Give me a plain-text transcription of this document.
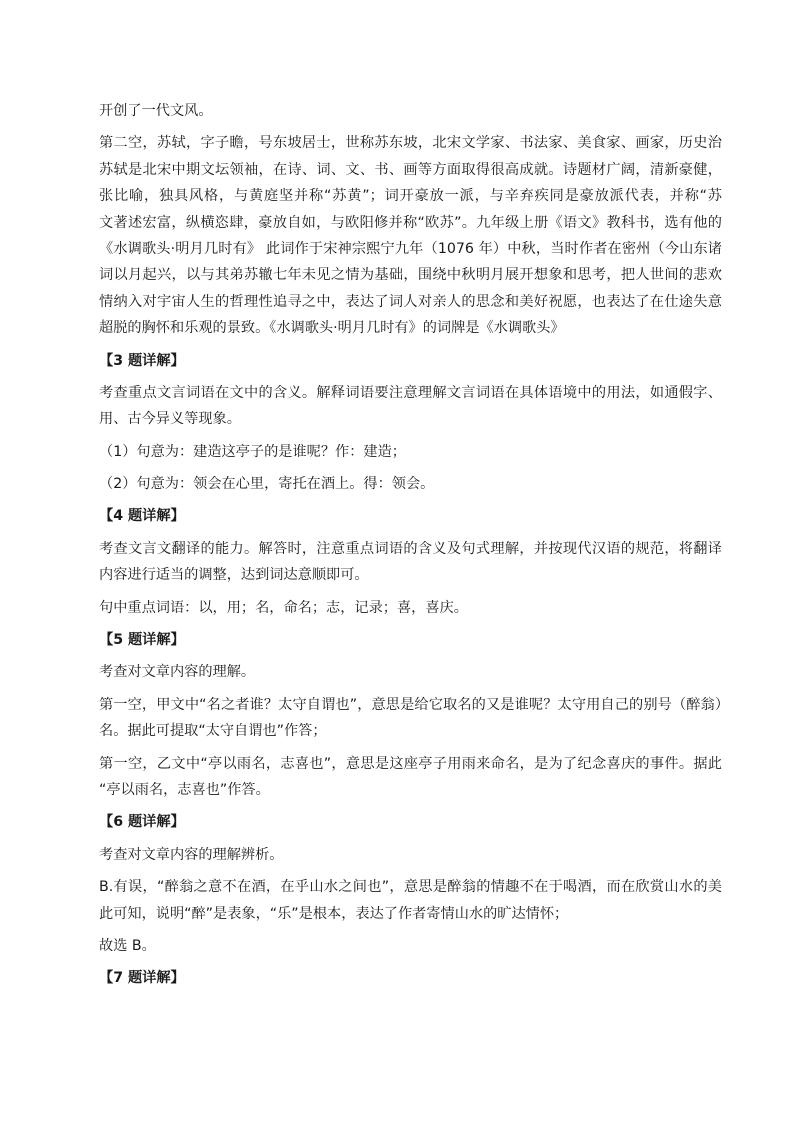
开创了一代文风。

第二空，苏轼，字子瞻，号东坡居士，世称苏东坡，北宋文学家、书法家、美食家、画家，历史治

苏轼是北宋中期文坛领袖，在诗、词、文、书、画等方面取得很高成就。诗题材广阔，清新豪健，

张比喻，独具风格，与黄庭坚并称“苏黄”；词开豪放一派，与辛弃疾同是豪放派代表，并称“苏

文著述宏富，纵横恣肆，豪放自如，与欧阳修并称“欧苏”。九年级上册《语文》教科书，选有他的

《水调歌头·明月几时有》 此词作于宋神宗熙宁九年（1076 年）中秋，当时作者在密州（今山东诸

词以月起兴，以与其弟苏辙七年未见之情为基础，围绕中秋明月展开想象和思考，把人世间的悲欢

情纳入对宇宙人生的哲理性追寻之中，表达了词人对亲人的思念和美好祝愿，也表达了在仕途失意

超脱的胸怀和乐观的景致。《水调歌头·明月几时有》的词牌是《水调歌头》

【3 题详解】

考查重点文言词语在文中的含义。解释词语要注意理解文言词语在具体语境中的用法，如通假字、

用、古今异义等现象。

（1）句意为：建造这亭子的是谁呢？作：建造；

（2）句意为：领会在心里，寄托在酒上。得：领会。

【4 题详解】

考查文言文翻译的能力。解答时，注意重点词语的含义及句式理解，并按现代汉语的规范，将翻译

内容进行适当的调整，达到词达意顺即可。

句中重点词语：以，用；名，命名；志，记录；喜，喜庆。

【5 题详解】

考查对文章内容的理解。

第一空，甲文中“名之者谁？太守自谓也”，意思是给它取名的又是谁呢？太守用自己的别号（醉翁）

名。据此可提取“太守自谓也”作答；

第一空，乙文中“亭以雨名，志喜也”，意思是这座亭子用雨来命名，是为了纪念喜庆的事件。据此

“亭以雨名，志喜也”作答。

【6 题详解】

考查对文章内容的理解辨析。

B.有误，“醉翁之意不在酒，在乎山水之间也”，意思是醉翁的情趣不在于喝酒，而在欣赏山水的美

此可知，说明“醉”是表象，“乐”是根本，表达了作者寄情山水的旷达情怀；

故选 B。

【7 题详解】
